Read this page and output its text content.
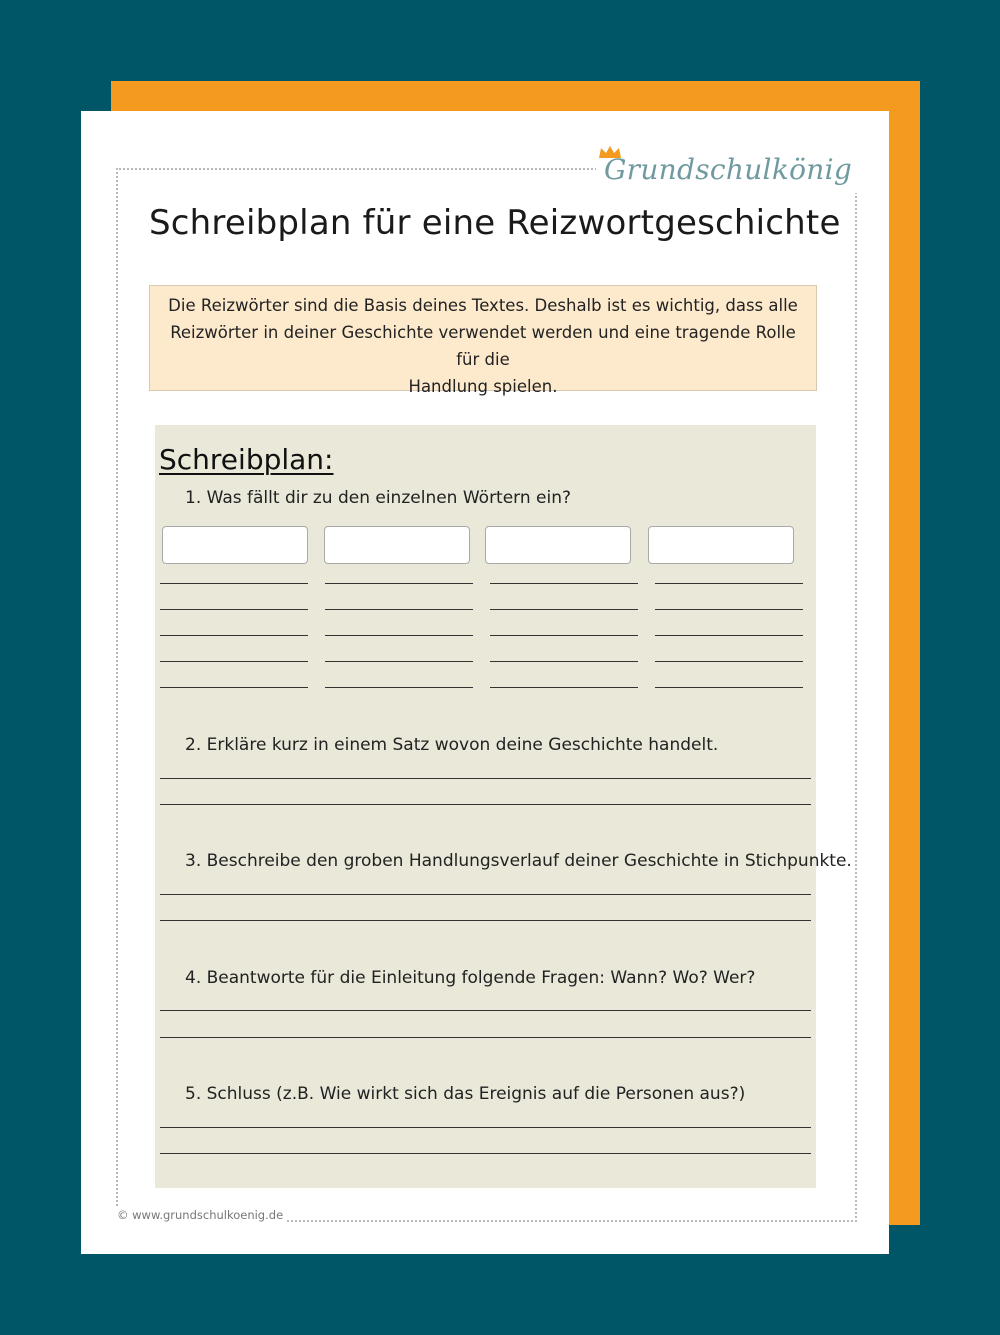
Grundschulkönig
Schreibplan für eine Reizwortgeschichte
Die Reizwörter sind die Basis deines Textes. Deshalb ist es wichtig, dass alle
Reizwörter in deiner Geschichte verwendet werden und eine tragende Rolle für die
Handlung spielen.
Schreibplan:
1. Was fällt dir zu den einzelnen Wörtern ein?
2. Erkläre kurz in einem Satz wovon deine Geschichte handelt.
3. Beschreibe den groben Handlungsverlauf deiner Geschichte in Stichpunkte.
4. Beantworte für die Einleitung folgende Fragen: Wann? Wo? Wer?
5. Schluss (z.B. Wie wirkt sich das Ereignis auf die Personen aus?)
© www.grundschulkoenig.de
